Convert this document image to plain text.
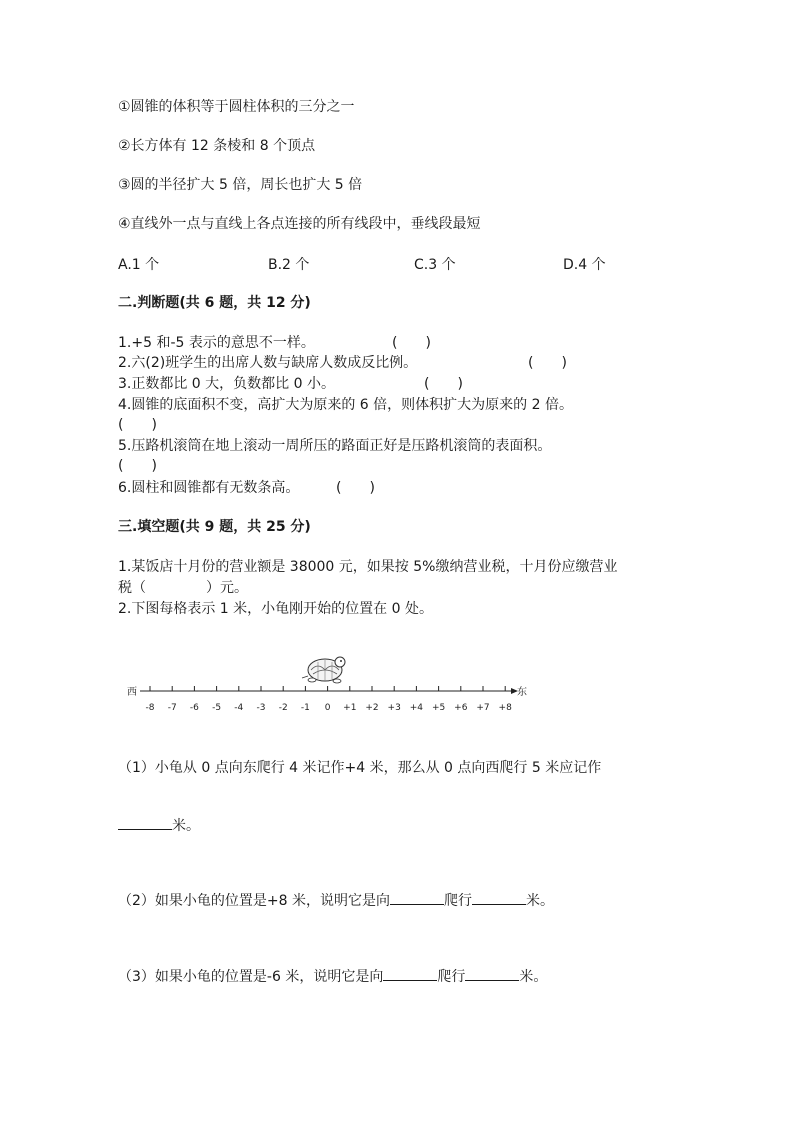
①圆锥的体积等于圆柱体积的三分之一
②长方体有 12 条棱和 8 个顶点
③圆的半径扩大 5 倍，周长也扩大 5 倍
④直线外一点与直线上各点连接的所有线段中，垂线段最短
A.1 个	B.2 个	C.3 个	D.4 个
二.判断题(共 6 题，共 12 分)
1.+5 和-5 表示的意思不一样。	(　　)
2.六(2)班学生的出席人数与缺席人数成反比例。	(　　)
3.正数都比 0 大，负数都比 0 小。	(　　)
4.圆锥的底面积不变，高扩大为原来的 6 倍，则体积扩大为原来的 2 倍。
(　　)
5.压路机滚筒在地上滚动一周所压的路面正好是压路机滚筒的表面积。
(　　)
6.圆柱和圆锥都有无数条高。	(　　)
三.填空题(共 9 题，共 25 分)
1.某饭店十月份的营业额是 38000 元，如果按 5%缴纳营业税，十月份应缴营业
税（	）元。
2.下图每格表示 1 米，小龟刚开始的位置在 0 处。
-8 -7 -6 -5 -4 -3 -2 -1 0 +1 +2 +3 +4 +5 +6 +7 +8
西	东
（1）小龟从 0 点向东爬行 4 米记作+4 米，那么从 0 点向西爬行 5 米应记作
米。
（2）如果小龟的位置是+8 米，说明它是向	爬行	米。
（3）如果小龟的位置是-6 米，说明它是向	爬行	米。
